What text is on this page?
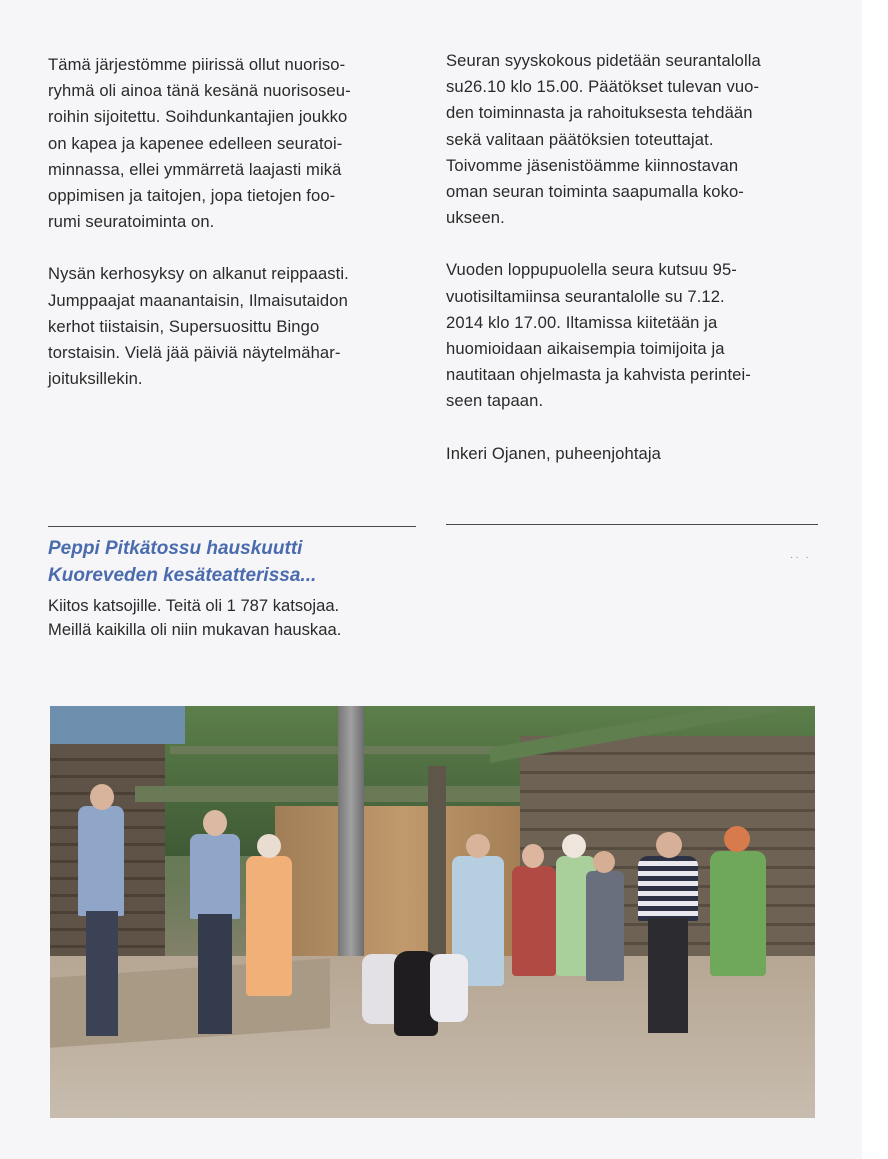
Tämä järjestömme piirissä ollut nuoriso-
ryhmä oli ainoa tänä kesänä nuorisoseu-
roihin sijoitettu. Soihdunkantajien joukko
on kapea ja kapenee edelleen seuratoi-
minnassa, ellei ymmärretä laajasti mikä
oppimisen ja taitojen, jopa tietojen foo-
rumi seuratoiminta on.

Nysän kerhosyksy on alkanut reippaasti.
Jumppaajat maanantaisin, Ilmaisutaidon
kerhot tiistaisin, Supersuosittu Bingo
torstaisin. Vielä jää päiviä näytelmähar-
joituksillekin.

Seuran syyskokous pidetään seurantalolla
su26.10 klo 15.00. Päätökset tulevan vuo-
den toiminnasta ja rahoituksesta tehdään
sekä valitaan päätöksien toteuttajat.
Toivomme jäsenistöämme kiinnostavan
oman seuran toiminta saapumalla koko-
ukseen.

Vuoden loppupuolella seura kutsuu 95-
vuotisiltamiinsa seurantalolle su 7.12.
2014 klo 17.00. Iltamissa kiitetään ja
huomioidaan aikaisempia toimijoita ja
nautitaan ohjelmasta ja kahvista perintei-
seen tapaan.

Inkeri Ojanen, puheenjohtaja

Peppi Pitkätossu hauskuutti
Kuoreveden kesäteatterissa...
Kiitos katsojille. Teitä oli 1 787 katsojaa.
Meillä kaikilla oli niin mukavan hauskaa.
·· ·
